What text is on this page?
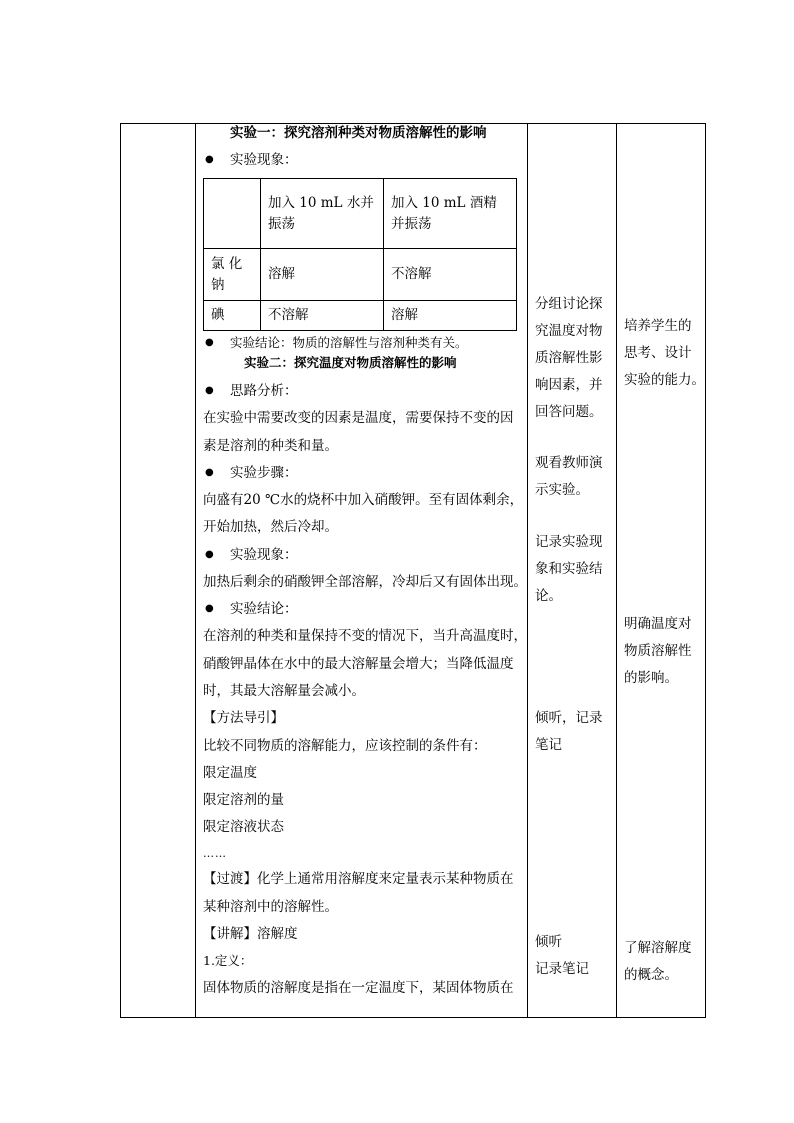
实验一：探究溶剂种类对物质溶解性的影响
● 实验现象：
	加入 10 mL 水并振荡	加入 10 mL 酒精并振荡
氯 化钠	溶解	不溶解
碘	不溶解	溶解
● 实验结论：物质的溶解性与溶剂种类有关。
实验二：探究温度对物质溶解性的影响
● 思路分析：
在实验中需要改变的因素是温度，需要保持不变的因
素是溶剂的种类和量。
● 实验步骤：
向盛有20 ℃水的烧杯中加入硝酸钾。至有固体剩余，
开始加热，然后冷却。
● 实验现象：
加热后剩余的硝酸钾全部溶解，冷却后又有固体出现。
● 实验结论：
在溶剂的种类和量保持不变的情况下，当升高温度时，
硝酸钾晶体在水中的最大溶解量会增大；当降低温度
时，其最大溶解量会减小。
【方法导引】
比较不同物质的溶解能力，应该控制的条件有：
限定温度
限定溶剂的量
限定溶液状态
……
【过渡】化学上通常用溶解度来定量表示某种物质在
某种溶剂中的溶解性。
【讲解】溶解度
1.定义：
固体物质的溶解度是指在一定温度下，某固体物质在
分组讨论探
究温度对物
质溶解性影
响因素，并
回答问题。
观看教师演
示实验。
记录实验现
象和实验结
论。
倾听，记录
笔记
倾听
记录笔记
培养学生的
思考、设计
实验的能力。
明确温度对
物质溶解性
的影响。
了解溶解度
的概念。
